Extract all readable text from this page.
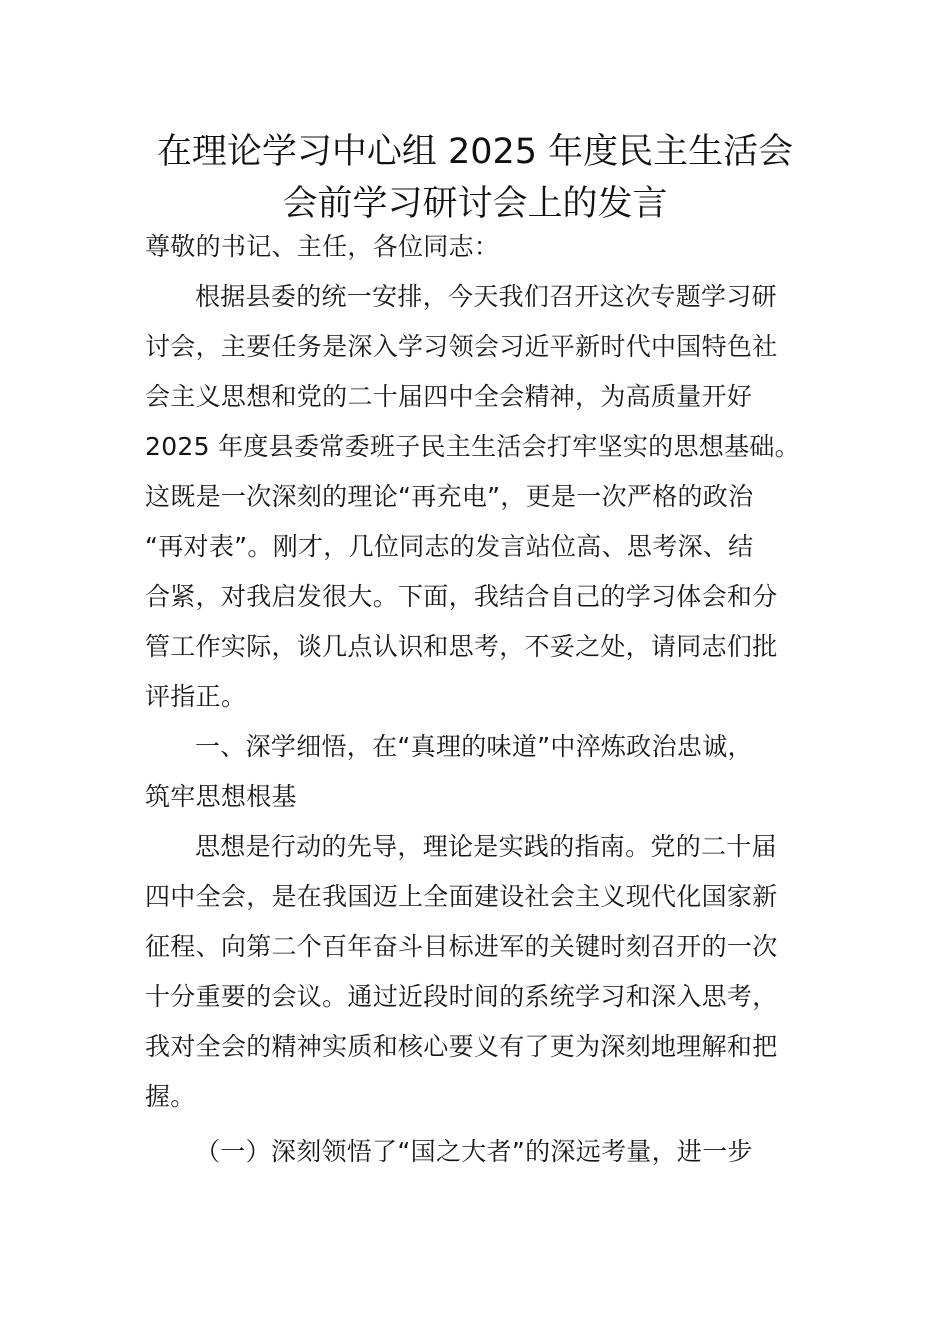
在理论学习中心组 2025 年度民主生活会
会前学习研讨会上的发言
尊敬的书记、主任，各位同志：
根据县委的统一安排，今天我们召开这次专题学习研
讨会，主要任务是深入学习领会习近平新时代中国特色社
会主义思想和党的二十届四中全会精神，为高质量开好
2025 年度县委常委班子民主生活会打牢坚实的思想基础。
这既是一次深刻的理论“再充电”，更是一次严格的政治
“再对表”。刚才，几位同志的发言站位高、思考深、结
合紧，对我启发很大。下面，我结合自己的学习体会和分
管工作实际，谈几点认识和思考，不妥之处，请同志们批
评指正。
一、深学细悟，在“真理的味道”中淬炼政治忠诚，
筑牢思想根基
思想是行动的先导，理论是实践的指南。党的二十届
四中全会，是在我国迈上全面建设社会主义现代化国家新
征程、向第二个百年奋斗目标进军的关键时刻召开的一次
十分重要的会议。通过近段时间的系统学习和深入思考，
我对全会的精神实质和核心要义有了更为深刻地理解和把
握。
（一）深刻领悟了“国之大者”的深远考量，进一步
